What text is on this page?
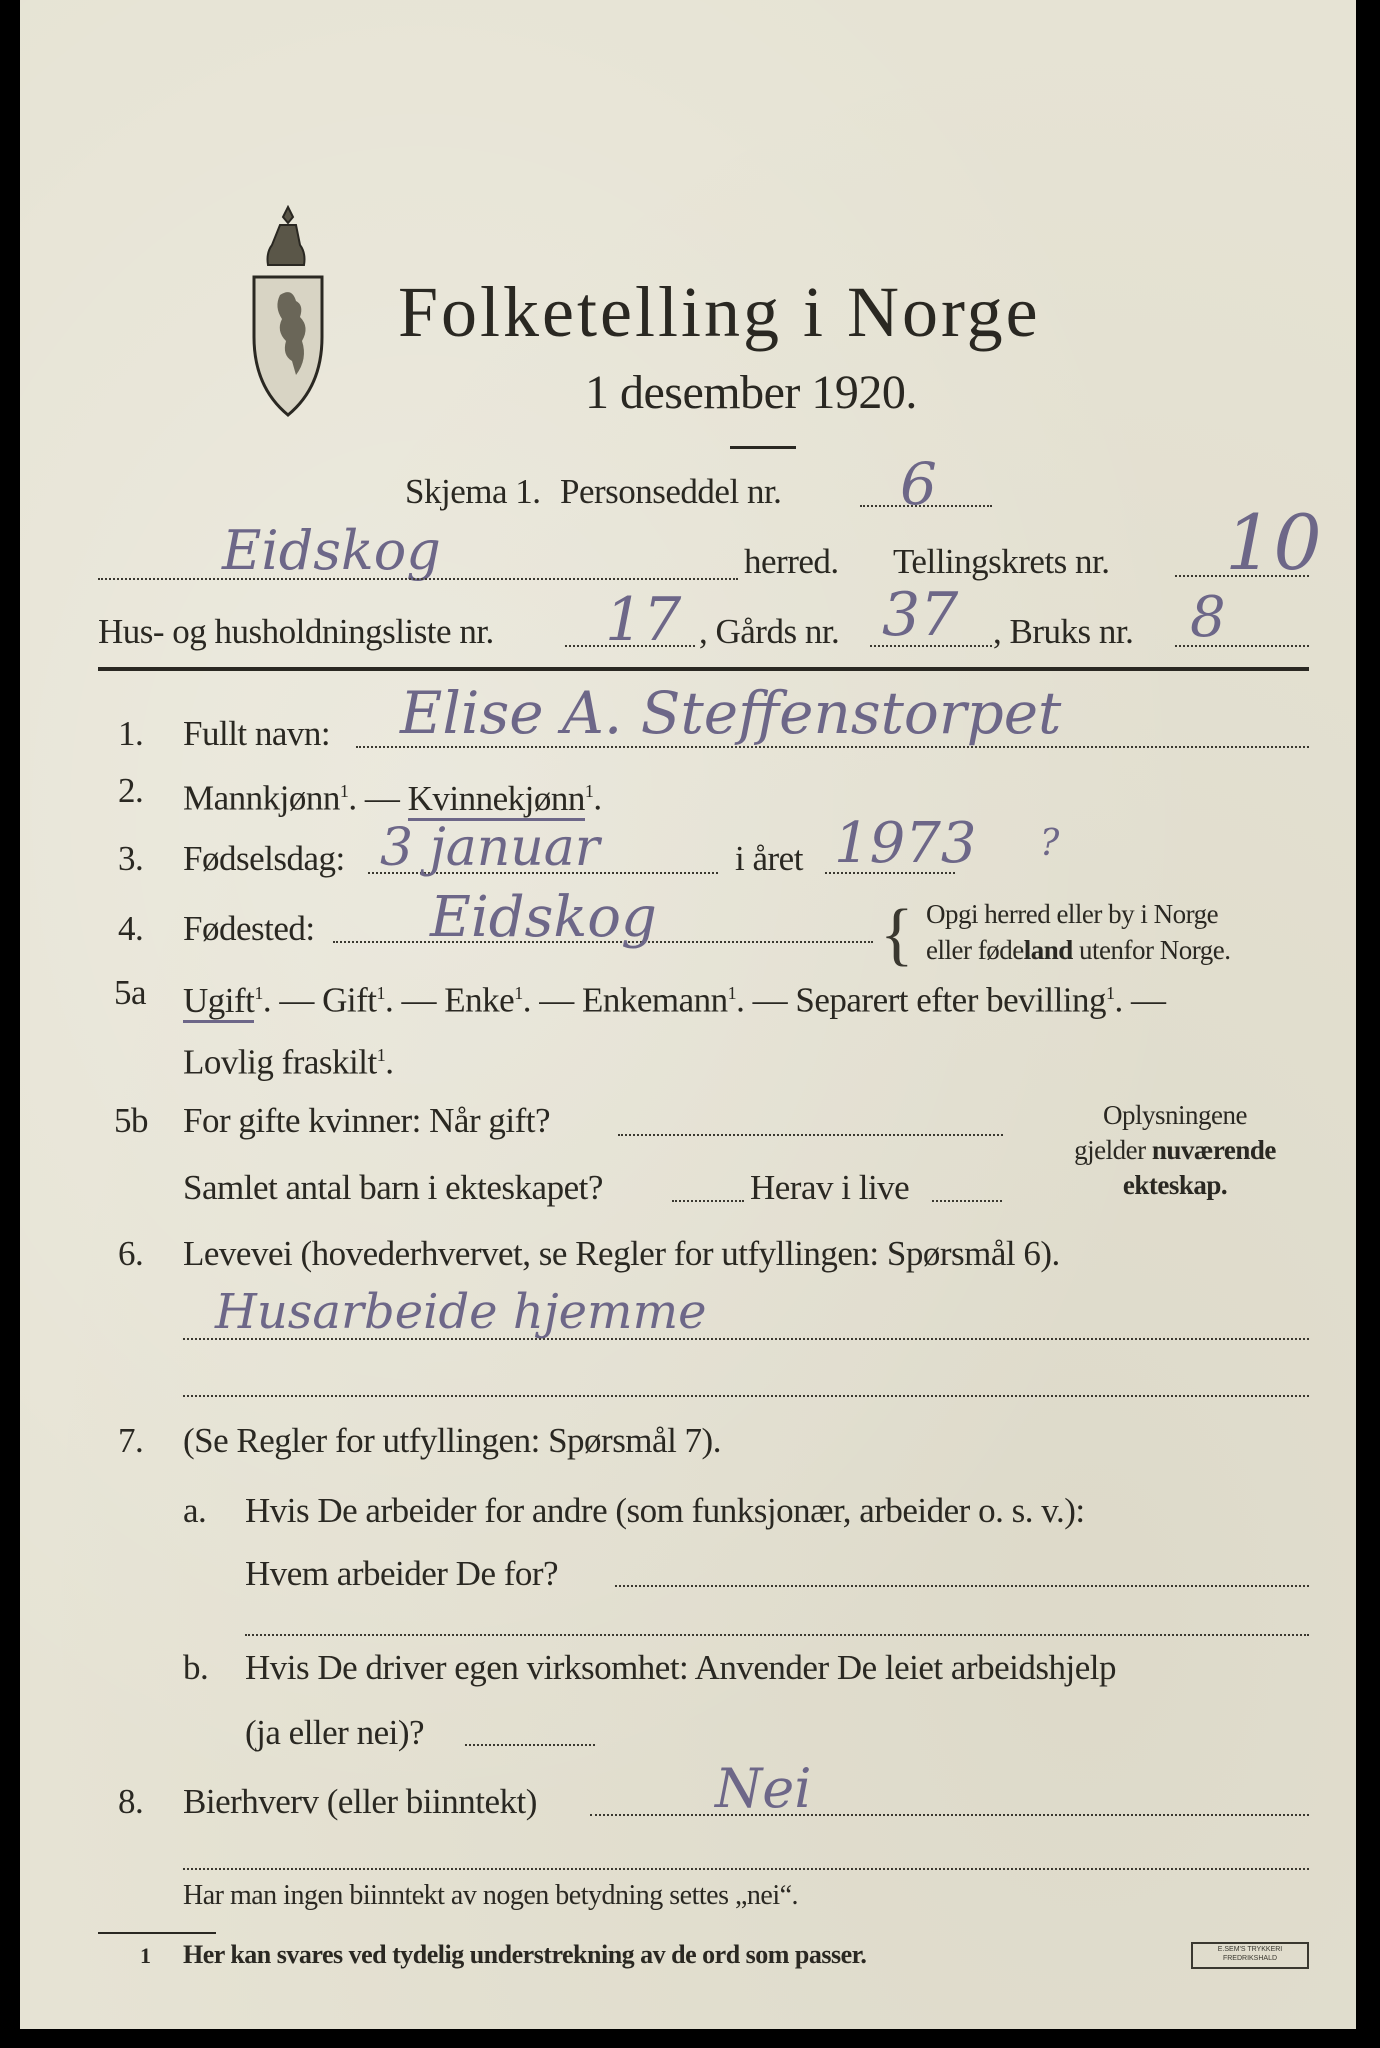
Folketelling i Norge
1 desember 1920.
Skjema 1. Personseddel nr. 6
Eidskog	herred. Tellingskrets nr. 10
Hus- og husholdningsliste nr. 17 , Gårds nr. 37 , Bruks nr. 8
1. Fullt navn: Elise A. Steffenstorpet
2. Mannkjønn$^1$. — Kvinnekjønn$^1$.
3. Fødselsdag: 3 januar	i året 1973 ?
4. Fødested: Eidskog	{ Opgi herred eller by i Norge
eller fødeland utenfor Norge.
5a Ugift$^1$. — Gift$^1$. — Enke$^1$. — Enkemann$^1$. — Separert efter bevilling$^1$. —
Lovlig fraskilt$^1$.
5b For gifte kvinner: Når gift?
Samlet antal barn i ekteskapet?	Herav i live
Oplysningene
gjelder nuværende
ekteskap.
6. Levevei (hovederhvervet, se Regler for utfyllingen: Spørsmål 6).
Husarbeide hjemme
7. (Se Regler for utfyllingen: Spørsmål 7).
a. Hvis De arbeider for andre (som funksjonær, arbeider o. s. v.):
Hvem arbeider De for?
b. Hvis De driver egen virksomhet: Anvender De leiet arbeidshjelp
(ja eller nei)?
8. Bierhverv (eller biinntekt)	Nei
Har man ingen biinntekt av nogen betydning settes „nei“.
1 Her kan svares ved tydelig understrekning av de ord som passer.	E.SEM'S TRYKKERI
FREDRIKSHALD
